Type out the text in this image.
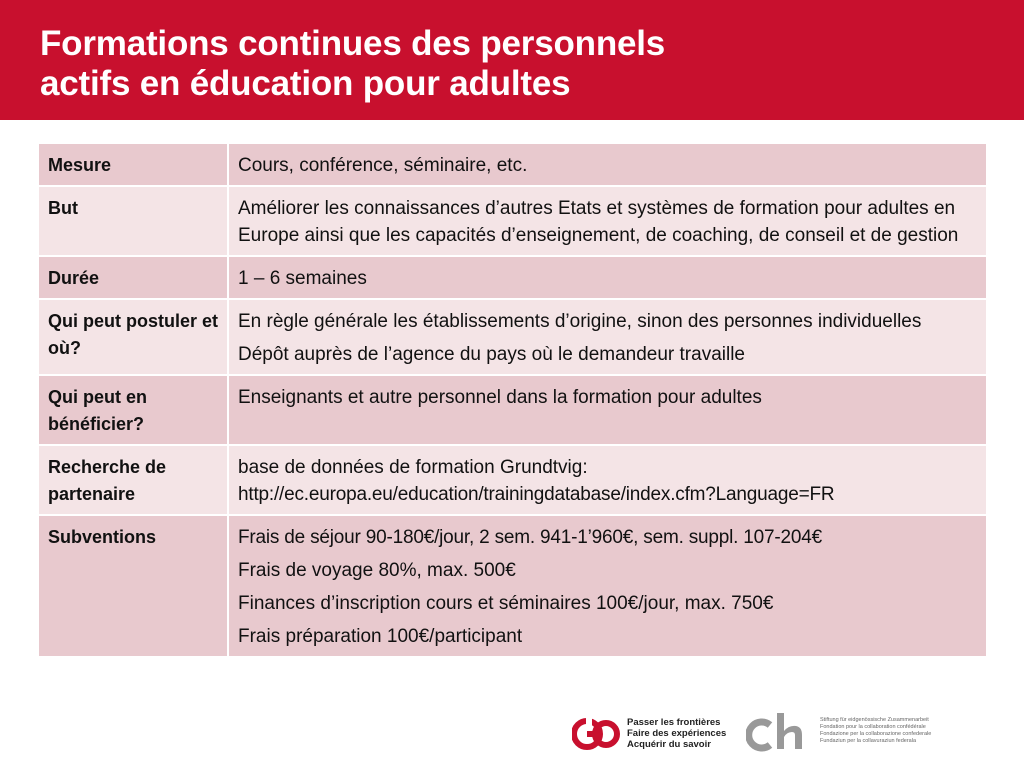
Formations continues des personnels
actifs en éducation pour adultes
Mesure	Cours, conférence, séminaire, etc.

But	Améliorer les connaissances d’autres Etats et systèmes de formation pour adultes en Europe ainsi que les capacités d’enseignement, de coaching, de conseil et de gestion

Durée	1 – 6 semaines

Qui peut postuler et où?	En règle générale les établissements d’origine, sinon des personnes individuelles

Dépôt auprès de l’agence du pays où le demandeur travaille

Qui peut en bénéficier?	Enseignants et autre personnel dans la formation pour adultes

Recherche de partenaire	base de données de formation Grundtvig:
http://ec.europa.eu/education/trainingdatabase/index.cfm?Language=FR

Subventions	Frais de séjour 90-180€/jour, 2 sem. 941-1’960€, sem. suppl. 107-204€

Frais de voyage 80%, max. 500€

Finances d’inscription cours et séminaires 100€/jour, max. 750€

Frais préparation 100€/participant

Passer les frontières
Faire des expériences
Acquérir du savoir
Stiftung für eidgenössische Zusammenarbeit
Fondation pour la collaboration confédérale
Fondazione per la collaborazione confederale
Fundaziun per la collavuraziun federala
